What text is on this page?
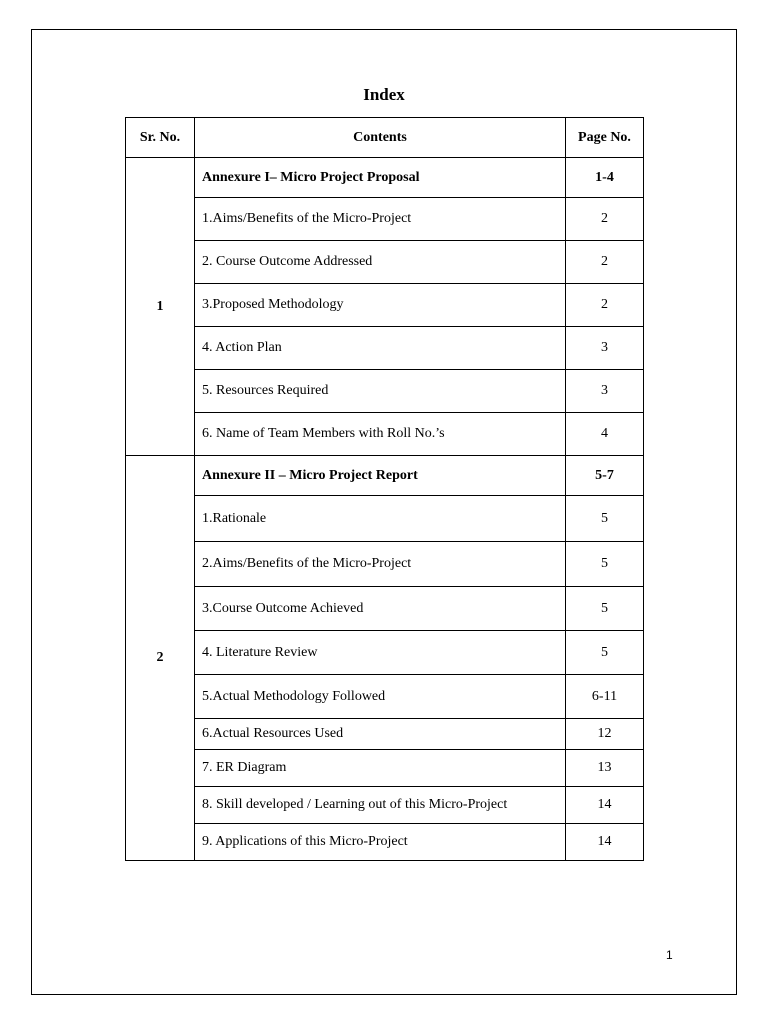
Index
Sr. No.	Contents	Page No.
1	Annexure I– Micro Project Proposal	1-4
	1.Aims/Benefits of the Micro-Project	2
	2. Course Outcome Addressed	2
	3.Proposed Methodology	2
	4. Action Plan	3
	5. Resources Required	3
	6. Name of Team Members with Roll No.’s	4
2	Annexure II – Micro Project Report	5-7
	1.Rationale	5
	2.Aims/Benefits of the Micro-Project	5
	3.Course Outcome Achieved	5
	4. Literature Review	5
	5.Actual Methodology Followed	6-11
	6.Actual Resources Used	12
	7. ER Diagram	13
	8. Skill developed / Learning out of this Micro-Project	14
	9. Applications of this Micro-Project	14
1
